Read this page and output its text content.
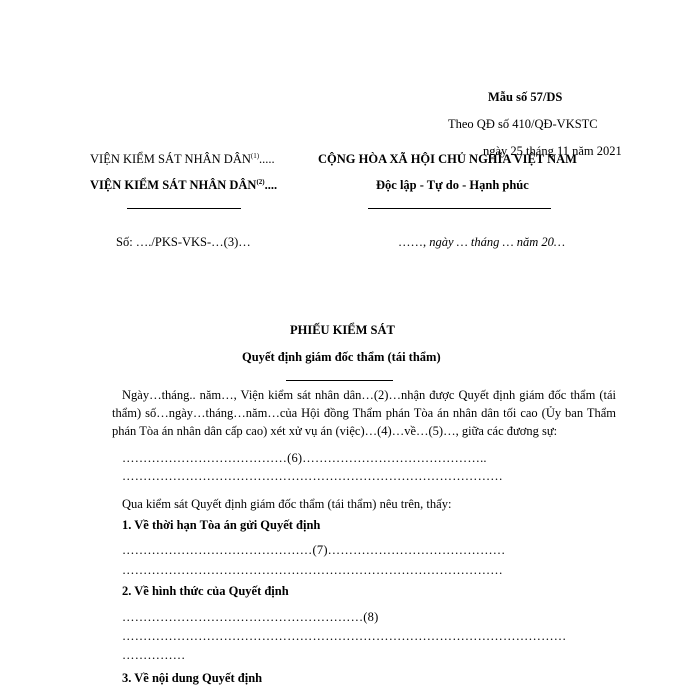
Mẫu số 57/DS
Theo QĐ số 410/QĐ-VKSTC
ngày 25 tháng 11 năm 2021
VIỆN KIỂM SÁT NHÂN DÂN$^{(1)}$.....
VIỆN KIỂM SÁT NHÂN DÂN$^{(2)}$....
Số: …./PKS-VKS-…(3)…
CỘNG HÒA XÃ HỘI CHỦ NGHĨA VIỆT NAM
Độc lập - Tự do - Hạnh phúc
……, ngày … tháng … năm 20…
PHIẾU KIỂM SÁT
Quyết định giám đốc thẩm (tái thẩm)
Ngày…tháng.. năm…, Viện kiểm sát nhân dân…(2)…nhận được Quyết định giám đốc thẩm (tái thẩm) số…ngày…tháng…năm…của Hội đồng Thẩm phán Tòa án nhân dân tối cao (Ủy ban Thẩm phán Tòa án nhân dân cấp cao) xét xử vụ án (việc)…(4)…về…(5)…, giữa các đương sự:
…………………………………(6)……………………………………..
………………………………………………………………………………
Qua kiểm sát Quyết định giám đốc thẩm (tái thẩm) nêu trên, thấy:
1. Về thời hạn Tòa án gửi Quyết định
………………………………………(7)……………………………………
………………………………………………………………………………
2. Về hình thức của Quyết định
…………………………………………………(8)
……………………………………………………………………………………………
……………
3. Về nội dung Quyết định
